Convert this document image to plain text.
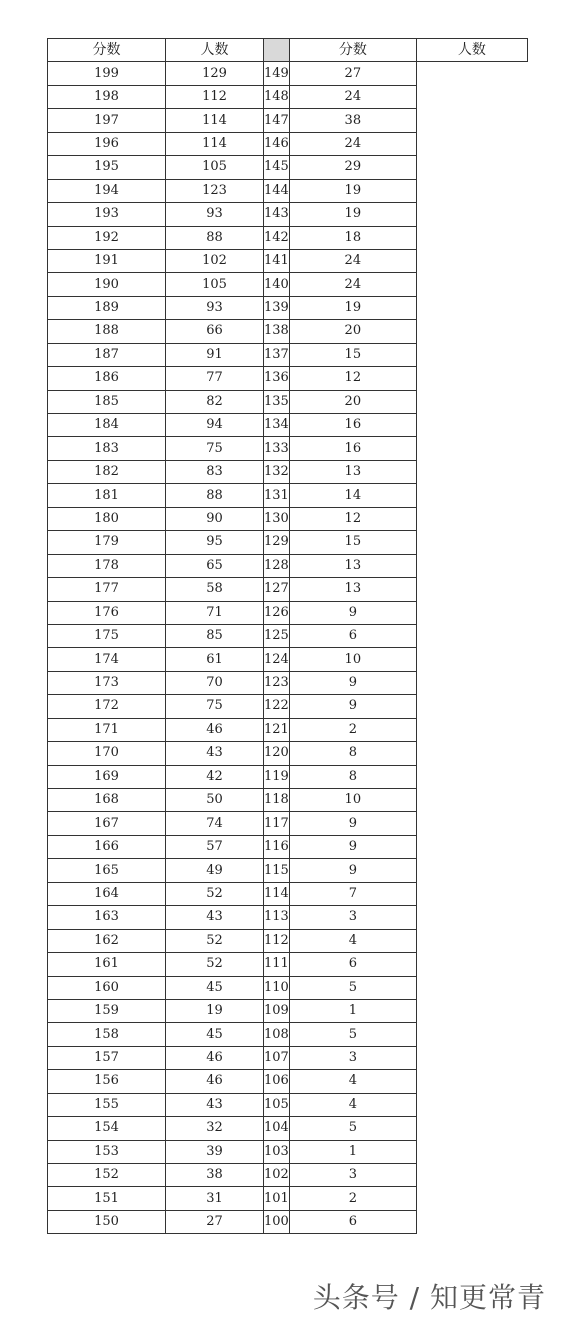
分数	人数		分数	人数
199	129	149	27	
198	112	148	24	
197	114	147	38	
196	114	146	24	
195	105	145	29	
194	123	144	19	
193	93	143	19	
192	88	142	18	
191	102	141	24	
190	105	140	24	
189	93	139	19	
188	66	138	20	
187	91	137	15	
186	77	136	12	
185	82	135	20	
184	94	134	16	
183	75	133	16	
182	83	132	13	
181	88	131	14	
180	90	130	12	
179	95	129	15	
178	65	128	13	
177	58	127	13	
176	71	126	9	
175	85	125	6	
174	61	124	10	
173	70	123	9	
172	75	122	9	
171	46	121	2	
170	43	120	8	
169	42	119	8	
168	50	118	10	
167	74	117	9	
166	57	116	9	
165	49	115	9	
164	52	114	7	
163	43	113	3	
162	52	112	4	
161	52	111	6	
160	45	110	5	
159	19	109	1	
158	45	108	5	
157	46	107	3	
156	46	106	4	
155	43	105	4	
154	32	104	5	
153	39	103	1	
152	38	102	3	
151	31	101	2	
150	27	100	6	
头条号 / 知更常青
